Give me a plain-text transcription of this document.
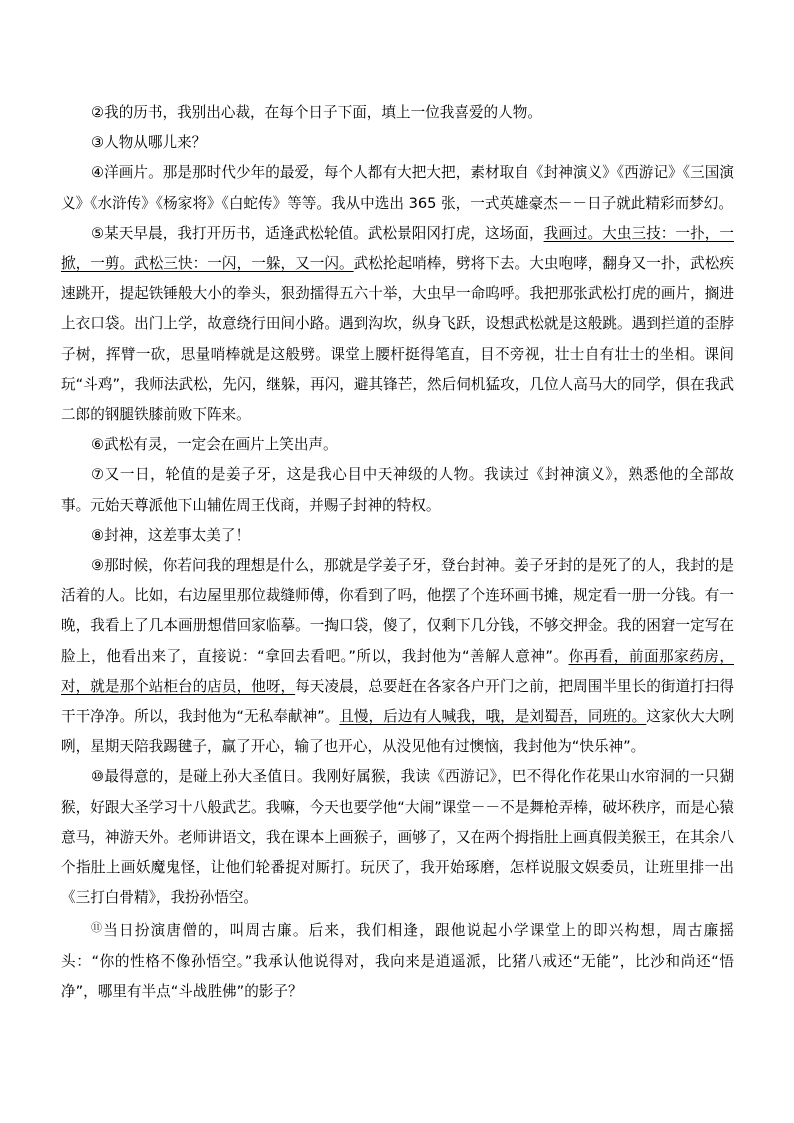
②我的历书，我别出心裁，在每个日子下面，填上一位我喜爱的人物。

③人物从哪儿来？

④洋画片。那是那时代少年的最爱，每个人都有大把大把，素材取自《封神演义》《西游记》《三国演义》《水浒传》《杨家将》《白蛇传》等等。我从中选出 365 张，一式英雄豪杰－－日子就此精彩而梦幻。

⑤某天早晨，我打开历书，适逢武松轮值。武松景阳冈打虎，这场面，我画过。大虫三技：一扑，一掀，一剪。武松三快：一闪，一躲，又一闪。武松抡起哨棒，劈将下去。大虫咆哮，翻身又一扑，武松疾速跳开，提起铁锤般大小的拳头，狠劲擂得五六十举，大虫早一命呜呼。我把那张武松打虎的画片，搁进上衣口袋。出门上学，故意绕行田间小路。遇到沟坎，纵身飞跃，设想武松就是这般跳。遇到拦道的歪脖子树，挥臂一砍，思量哨棒就是这般劈。课堂上腰杆挺得笔直，目不旁视，壮士自有壮士的坐相。课间玩“斗鸡”，我师法武松，先闪，继躲，再闪，避其锋芒，然后伺机猛攻，几位人高马大的同学，俱在我武二郎的钢腿铁膝前败下阵来。

⑥武松有灵，一定会在画片上笑出声。

⑦又一日，轮值的是姜子牙，这是我心目中天神级的人物。我读过《封神演义》，熟悉他的全部故事。元始天尊派他下山辅佐周王伐商，并赐子封神的特权。

⑧封神，这差事太美了！

⑨那时候，你若问我的理想是什么，那就是学姜子牙，登台封神。姜子牙封的是死了的人，我封的是活着的人。比如，右边屋里那位裁缝师傅，你看到了吗，他摆了个连环画书摊，规定看一册一分钱。有一晚，我看上了几本画册想借回家临摹。一掏口袋，傻了，仅剩下几分钱，不够交押金。我的困窘一定写在脸上，他看出来了，直接说：“拿回去看吧。”所以，我封他为“善解人意神”。你再看，前面那家药房，对，就是那个站柜台的店员，他呀，每天凌晨，总要赶在各家各户开门之前，把周围半里长的街道打扫得干干净净。所以，我封他为“无私奉献神”。且慢，后边有人喊我，哦，是刘蜀吾，同班的。这家伙大大咧咧，星期天陪我踢毽子，赢了开心，输了也开心，从没见他有过懊恼，我封他为“快乐神”。

⑩最得意的，是碰上孙大圣值日。我刚好属猴，我读《西游记》，巴不得化作花果山水帘洞的一只猢猴，好跟大圣学习十八般武艺。我嘛，今天也要学他“大闹”课堂－－不是舞枪弄棒，破坏秩序，而是心猿意马，神游天外。老师讲语文，我在课本上画猴子，画够了，又在两个拇指肚上画真假美猴王，在其余八个指肚上画妖魔鬼怪，让他们轮番捉对厮打。玩厌了，我开始琢磨，怎样说服文娱委员，让班里排一出《三打白骨精》，我扮孙悟空。

⑪当日扮演唐僧的，叫周古廉。后来，我们相逢，跟他说起小学课堂上的即兴构想，周古廉摇头：“你的性格不像孙悟空。”我承认他说得对，我向来是逍遥派，比猪八戒还“无能”，比沙和尚还“悟净”，哪里有半点“斗战胜佛”的影子？
